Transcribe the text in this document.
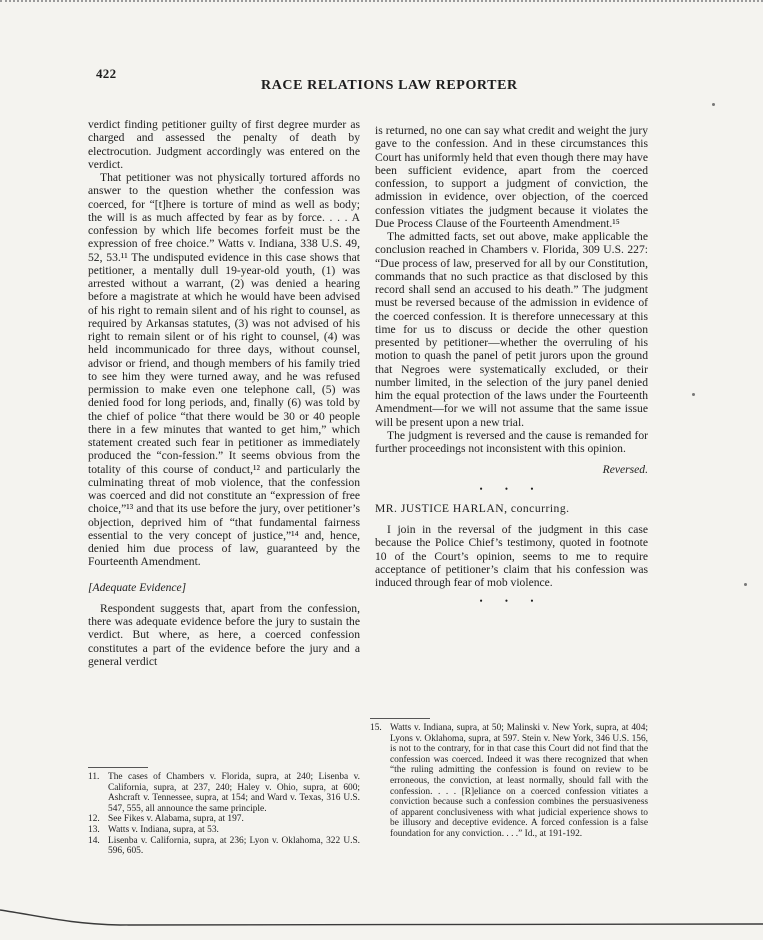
422
RACE RELATIONS LAW REPORTER

verdict finding petitioner guilty of first degree murder as charged and assessed the penalty of death by electrocution. Judgment accordingly was entered on the verdict.

That petitioner was not physically tortured affords no answer to the question whether the confession was coerced, for “[t]here is torture of mind as well as body; the will is as much affected by fear as by force. . . . A confession by which life becomes forfeit must be the expression of free choice.” Watts v. Indiana, 338 U.S. 49, 52, 53.¹¹ The undisputed evidence in this case shows that petitioner, a mentally dull 19-year-old youth, (1) was arrested without a warrant, (2) was denied a hearing before a magistrate at which he would have been advised of his right to remain silent and of his right to counsel, as required by Arkansas statutes, (3) was not advised of his right to remain silent or of his right to counsel, (4) was held incommunicado for three days, without counsel, advisor or friend, and though members of his family tried to see him they were turned away, and he was refused permission to make even one telephone call, (5) was denied food for long periods, and, finally (6) was told by the chief of police “that there would be 30 or 40 people there in a few minutes that wanted to get him,” which statement created such fear in petitioner as immediately produced the “con-fession.” It seems obvious from the totality of this course of conduct,¹² and particularly the culminating threat of mob violence, that the confession was coerced and did not constitute an “expression of free choice,”¹³ and that its use before the jury, over petitioner’s objection, deprived him of “that fundamental fairness essential to the very concept of justice,”¹⁴ and, hence, denied him due process of law, guaranteed by the Fourteenth Amendment.

[Adequate Evidence]

Respondent suggests that, apart from the confession, there was adequate evidence before the jury to sustain the verdict. But where, as here, a coerced confession constitutes a part of the evidence before the jury and a general verdict

is returned, no one can say what credit and weight the jury gave to the confession. And in these circumstances this Court has uniformly held that even though there may have been sufficient evidence, apart from the coerced confession, to support a judgment of conviction, the admission in evidence, over objection, of the coerced confession vitiates the judgment because it violates the Due Process Clause of the Fourteenth Amendment.¹⁵

The admitted facts, set out above, make applicable the conclusion reached in Chambers v. Florida, 309 U.S. 227: “Due process of law, preserved for all by our Constitution, commands that no such practice as that disclosed by this record shall send an accused to his death.” The judgment must be reversed because of the admission in evidence of the coerced confession. It is therefore unnecessary at this time for us to discuss or decide the other question presented by petitioner—whether the overruling of his motion to quash the panel of petit jurors upon the ground that Negroes were systematically excluded, or their number limited, in the selection of the jury panel denied him the equal protection of the laws under the Fourteenth Amendment—for we will not assume that the same issue will be present upon a new trial.

The judgment is reversed and the cause is remanded for further proceedings not inconsistent with this opinion.

Reversed.

• • •

MR. JUSTICE HARLAN, concurring.

I join in the reversal of the judgment in this case because the Police Chief’s testimony, quoted in footnote 10 of the Court’s opinion, seems to me to require acceptance of petitioner’s claim that his confession was induced through fear of mob violence.

• • •
11. The cases of Chambers v. Florida, supra, at 240; Lisenba v. California, supra, at 237, 240; Haley v. Ohio, supra, at 600; Ashcraft v. Tennessee, supra, at 154; and Ward v. Texas, 316 U.S. 547, 555, all announce the same principle.
12. See Fikes v. Alabama, supra, at 197.
13. Watts v. Indiana, supra, at 53.
14. Lisenba v. California, supra, at 236; Lyon v. Oklahoma, 322 U.S. 596, 605.
15. Watts v. Indiana, supra, at 50; Malinski v. New York, supra, at 404; Lyons v. Oklahoma, supra, at 597. Stein v. New York, 346 U.S. 156, is not to the contrary, for in that case this Court did not find that the confession was coerced. Indeed it was there recognized that when “the ruling admitting the confession is found on review to be erroneous, the conviction, at least normally, should fall with the confession. . . . [R]eliance on a coerced confession vitiates a conviction because such a confession combines the persuasiveness of apparent conclusiveness with what judicial experience shows to be illusory and deceptive evidence. A forced confession is a false foundation for any conviction. . . .” Id., at 191-192.
